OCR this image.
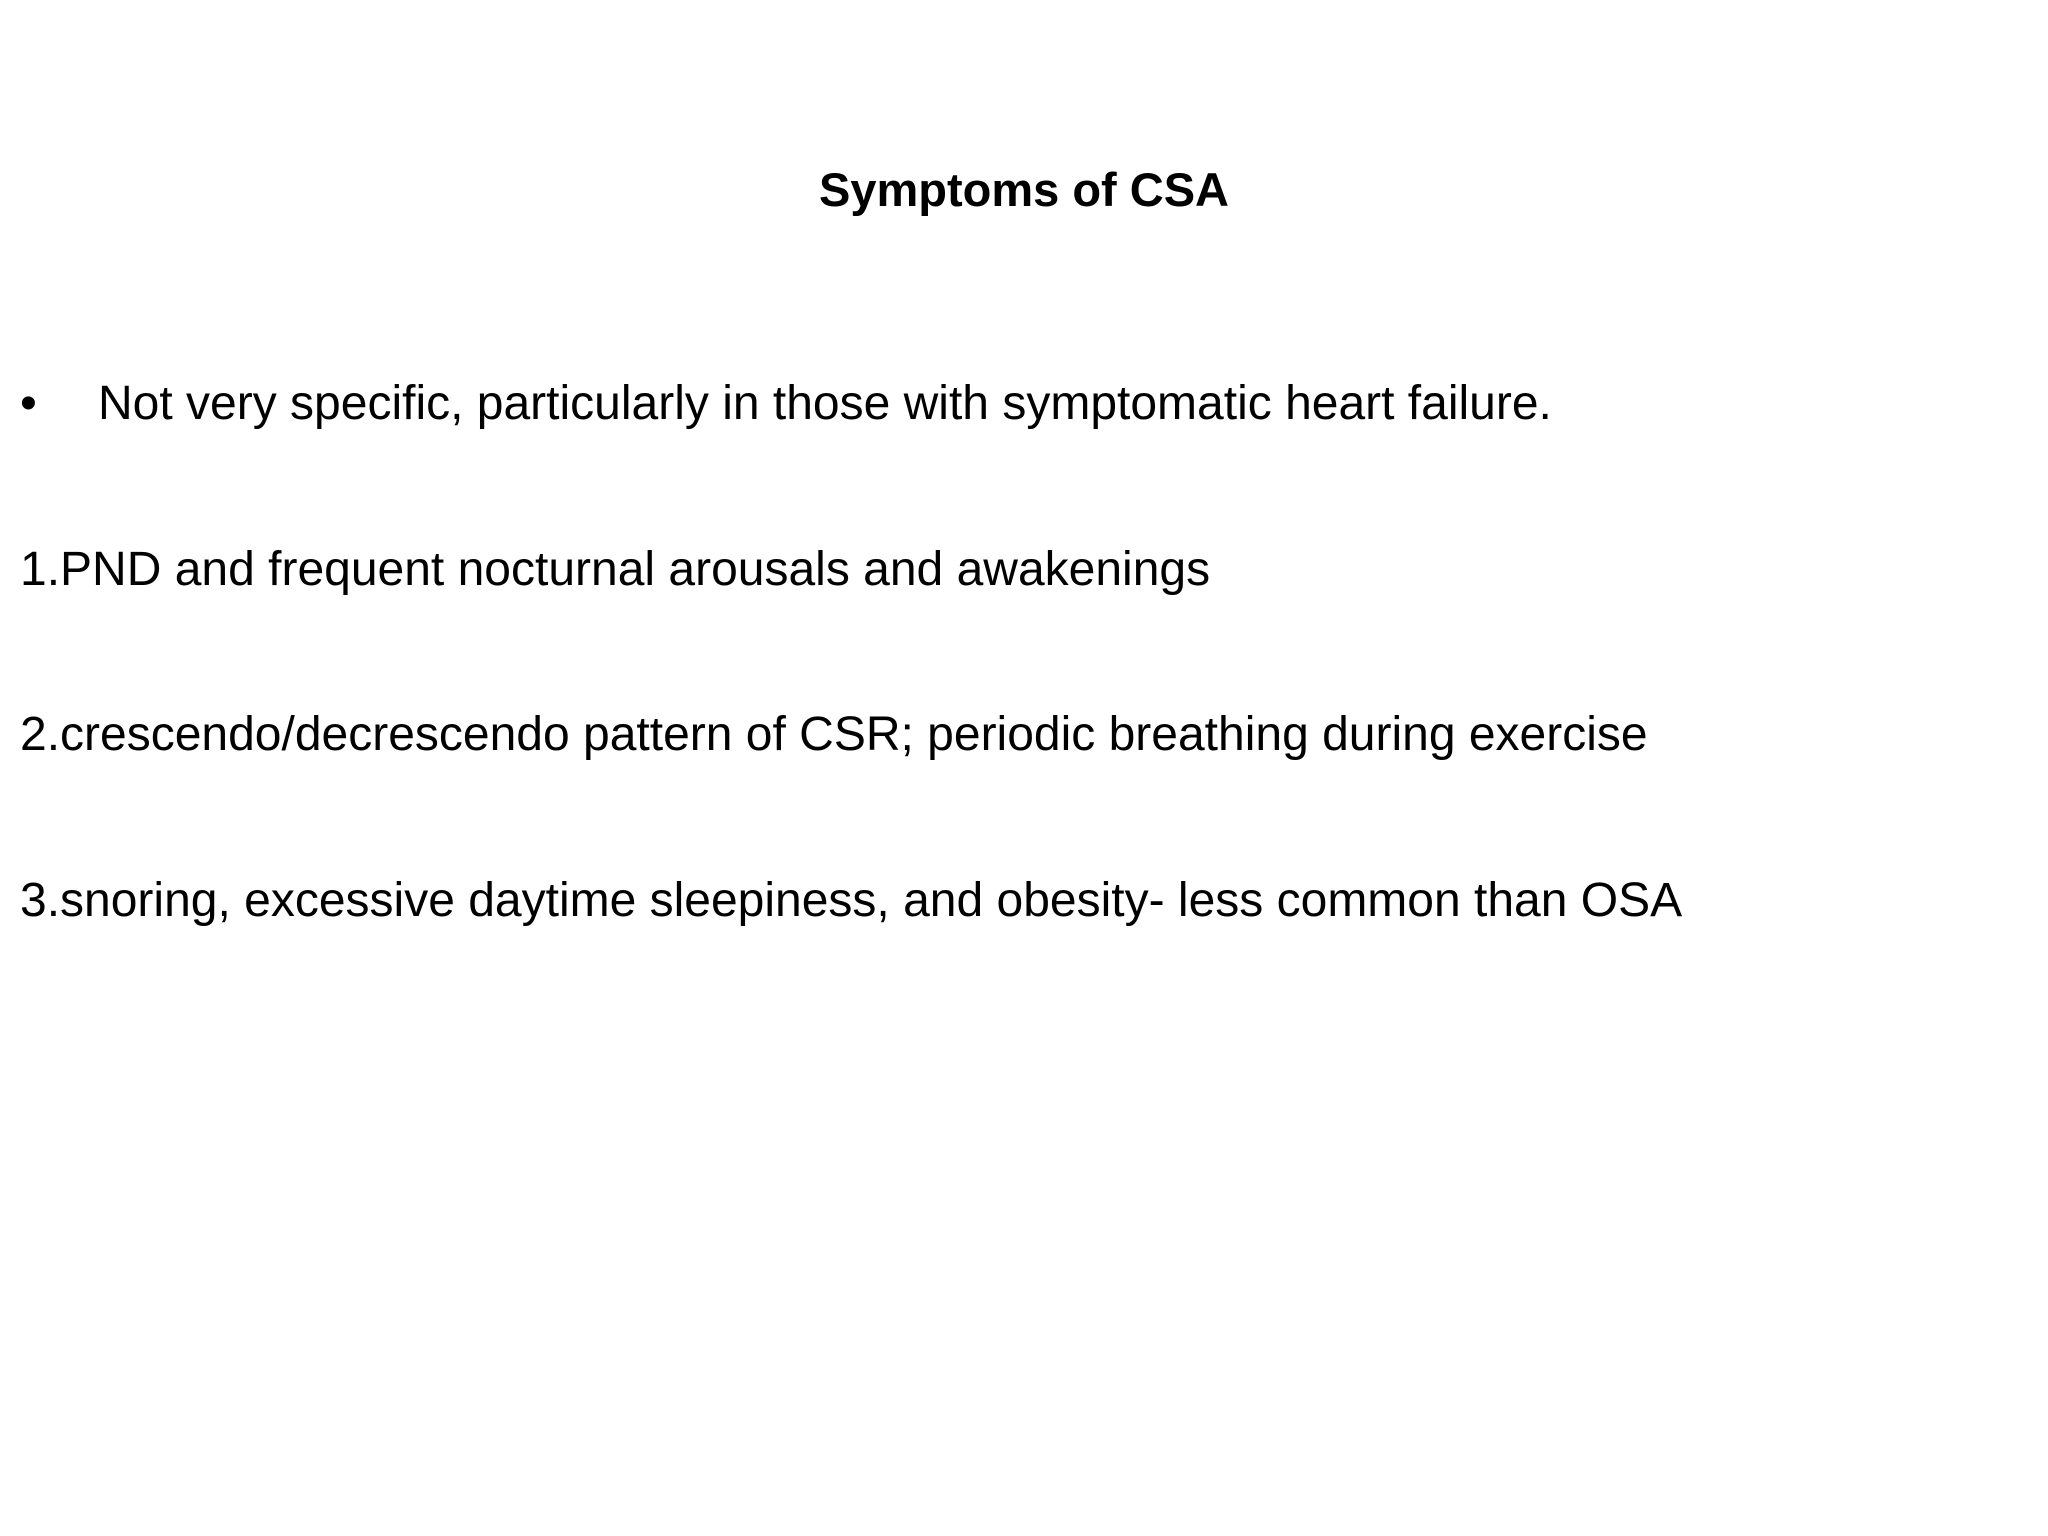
Symptoms of CSA
• Not very specific, particularly in those with symptomatic heart failure.
1.PND and frequent nocturnal arousals and awakenings
2.crescendo/decrescendo pattern of CSR; periodic breathing during exercise
3.snoring, excessive daytime sleepiness, and obesity- less common than OSA
